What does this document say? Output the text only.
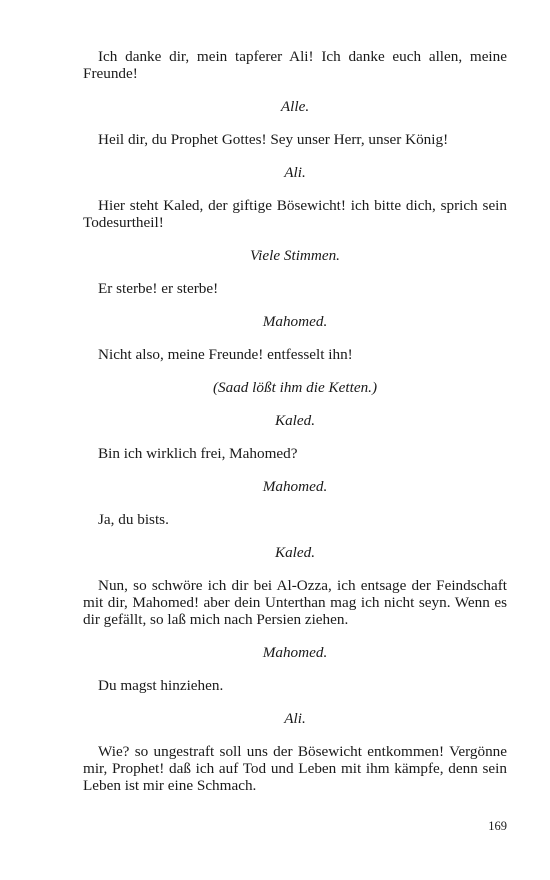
Ich danke dir, mein tapferer Ali! Ich danke euch allen, meine Freunde!

Alle.

Heil dir, du Prophet Gottes! Sey unser Herr, unser König!

Ali.

Hier steht Kaled, der giftige Bösewicht! ich bitte dich, sprich sein Todesurtheil!

Viele Stimmen.

Er sterbe! er sterbe!

Mahomed.

Nicht also, meine Freunde! entfesselt ihn!

(Saad lößt ihm die Ketten.)

Kaled.

Bin ich wirklich frei, Mahomed?

Mahomed.

Ja, du bists.

Kaled.

Nun, so schwöre ich dir bei Al-Ozza, ich entsage der Feindschaft mit dir, Mahomed! aber dein Unterthan mag ich nicht seyn. Wenn es dir gefällt, so laß mich nach Persien ziehen.

Mahomed.

Du magst hinziehen.

Ali.

Wie? so ungestraft soll uns der Bösewicht entkommen! Vergönne mir, Prophet! daß ich auf Tod und Leben mit ihm kämpfe, denn sein Leben ist mir eine Schmach.

169
